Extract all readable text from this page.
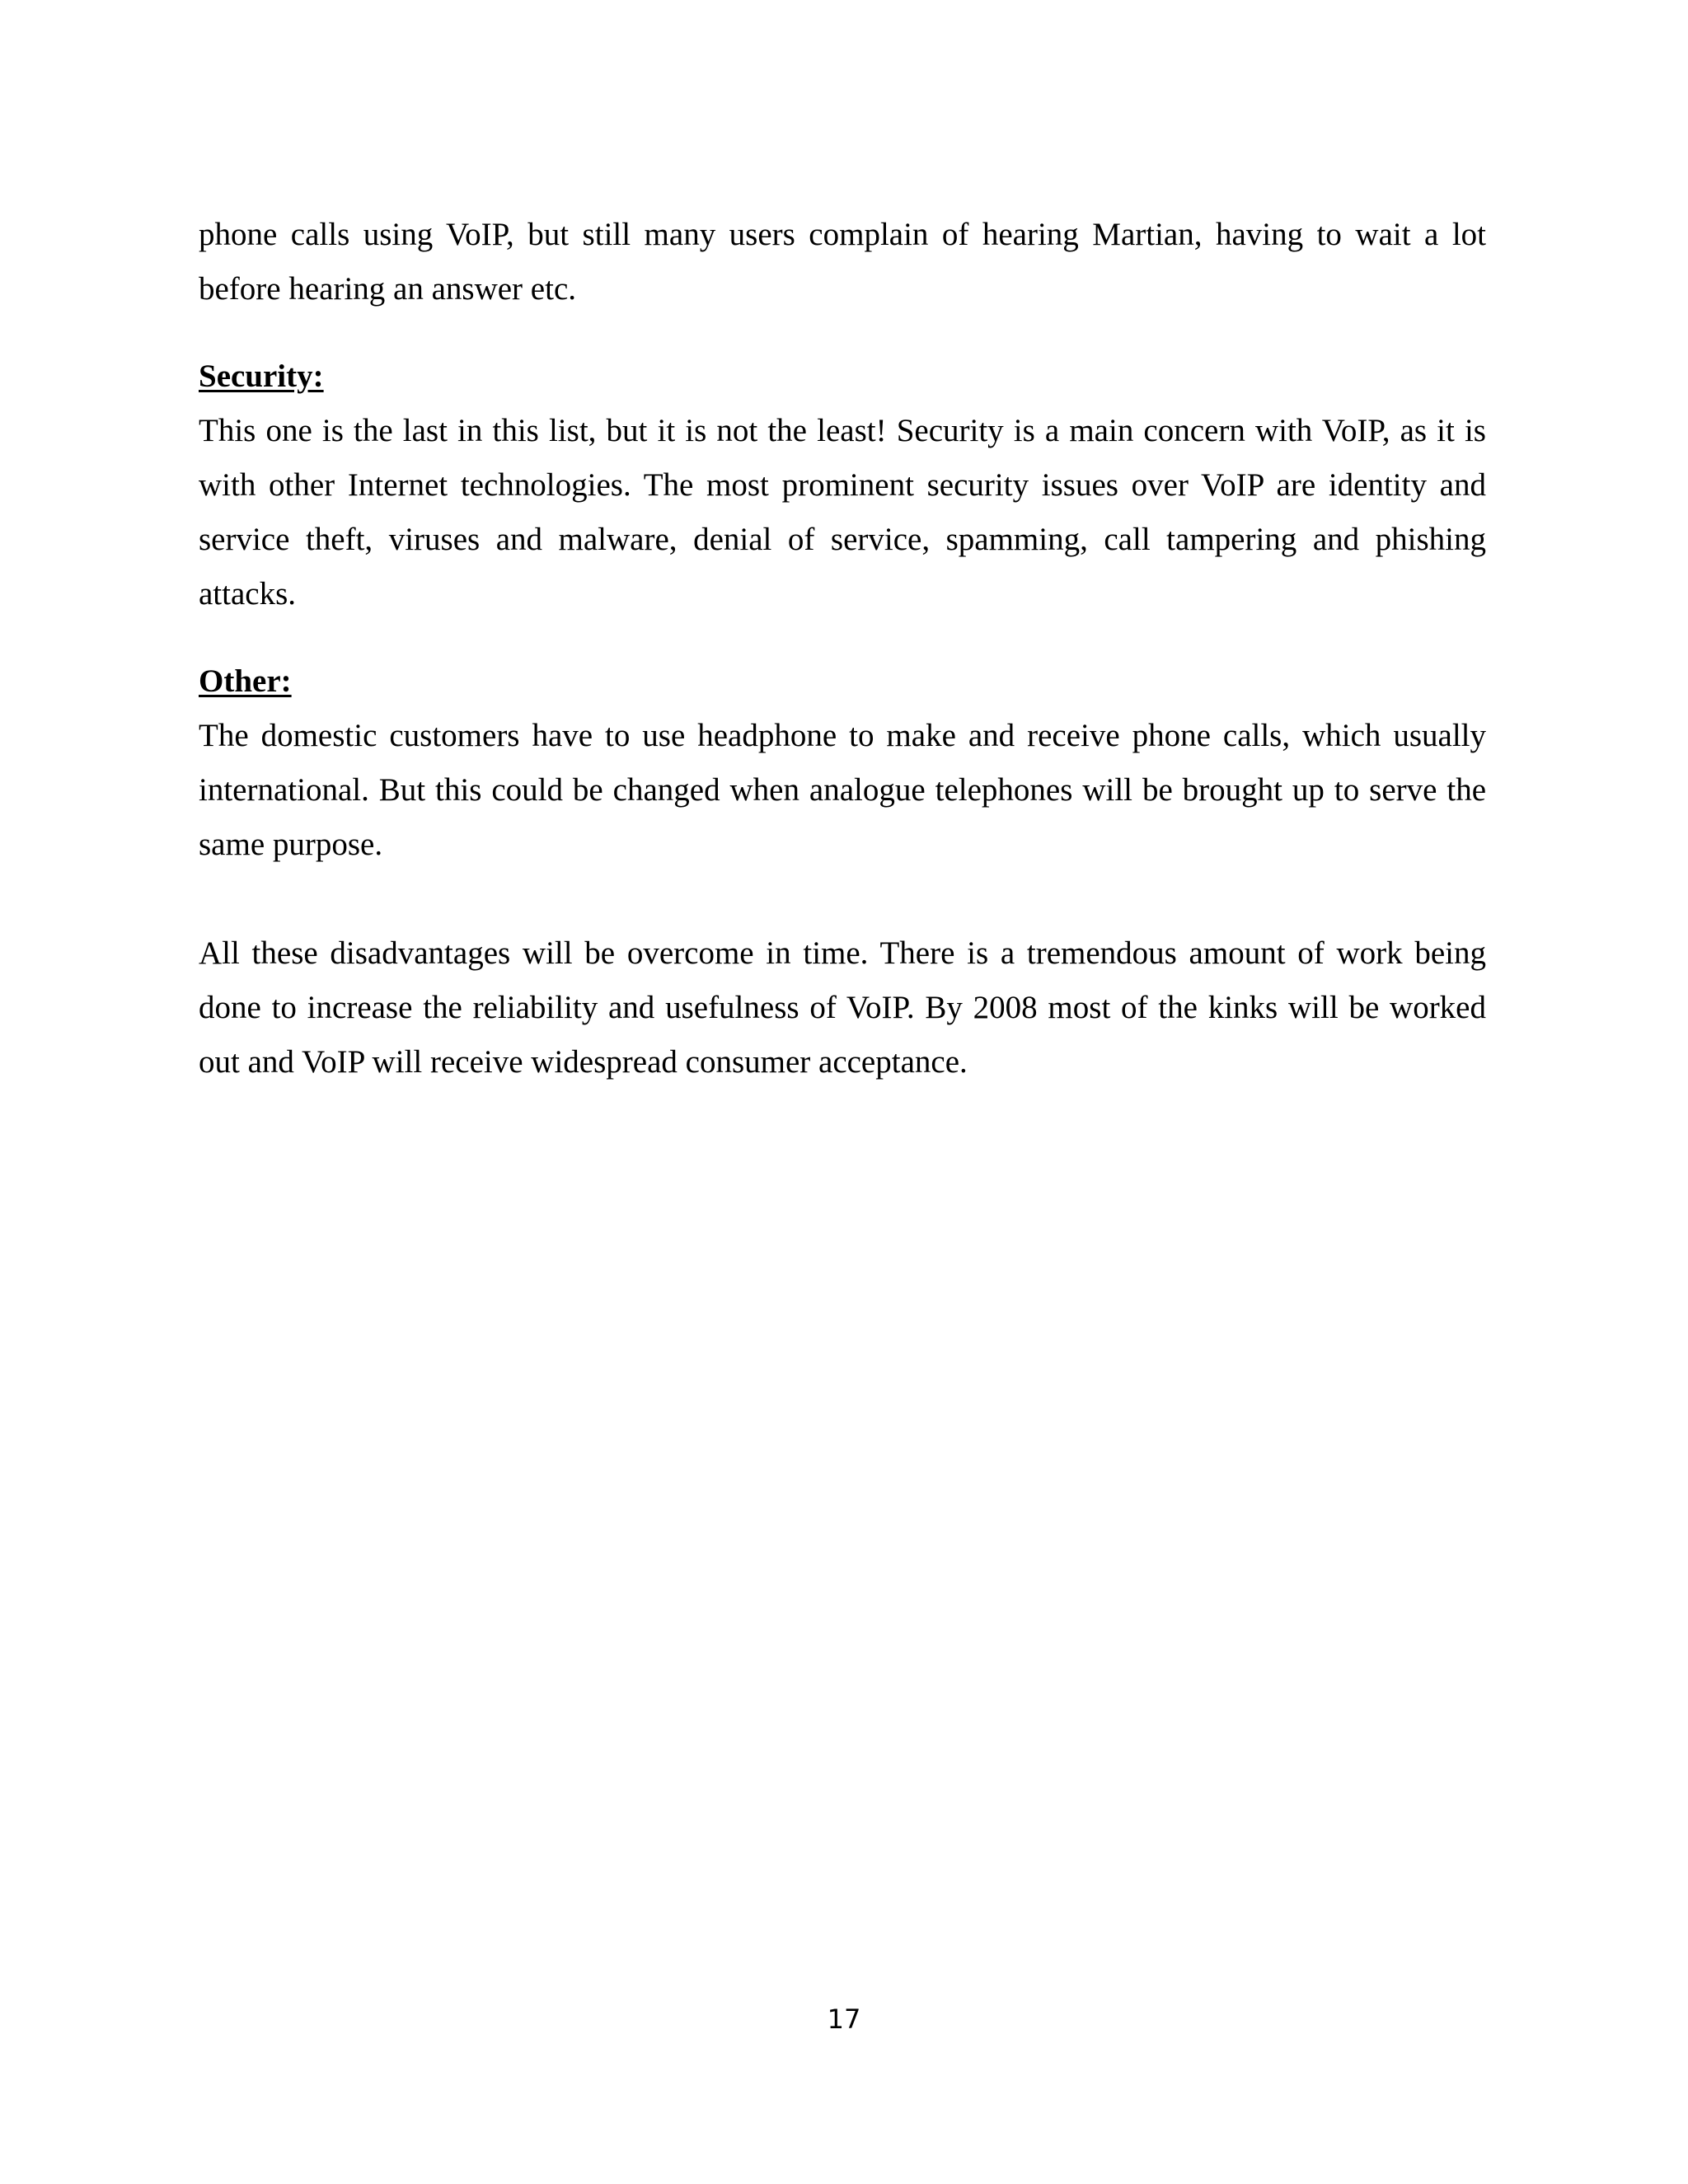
phone calls using VoIP, but still many users complain of hearing Martian, having to wait a lot before hearing an answer etc.

Security:

This one is the last in this list, but it is not the least! Security is a main concern with VoIP, as it is with other Internet technologies. The most prominent security issues over VoIP are identity and service theft, viruses and malware, denial of service, spamming, call tampering and phishing attacks.

Other:

The domestic customers have to use headphone to make and receive phone calls, which usually international. But this could be changed when analogue telephones will be brought up to serve the same purpose.

All these disadvantages will be overcome in time. There is a tremendous amount of work being done to increase the reliability and usefulness of VoIP. By 2008 most of the kinks will be worked out and VoIP will receive widespread consumer acceptance.

17
